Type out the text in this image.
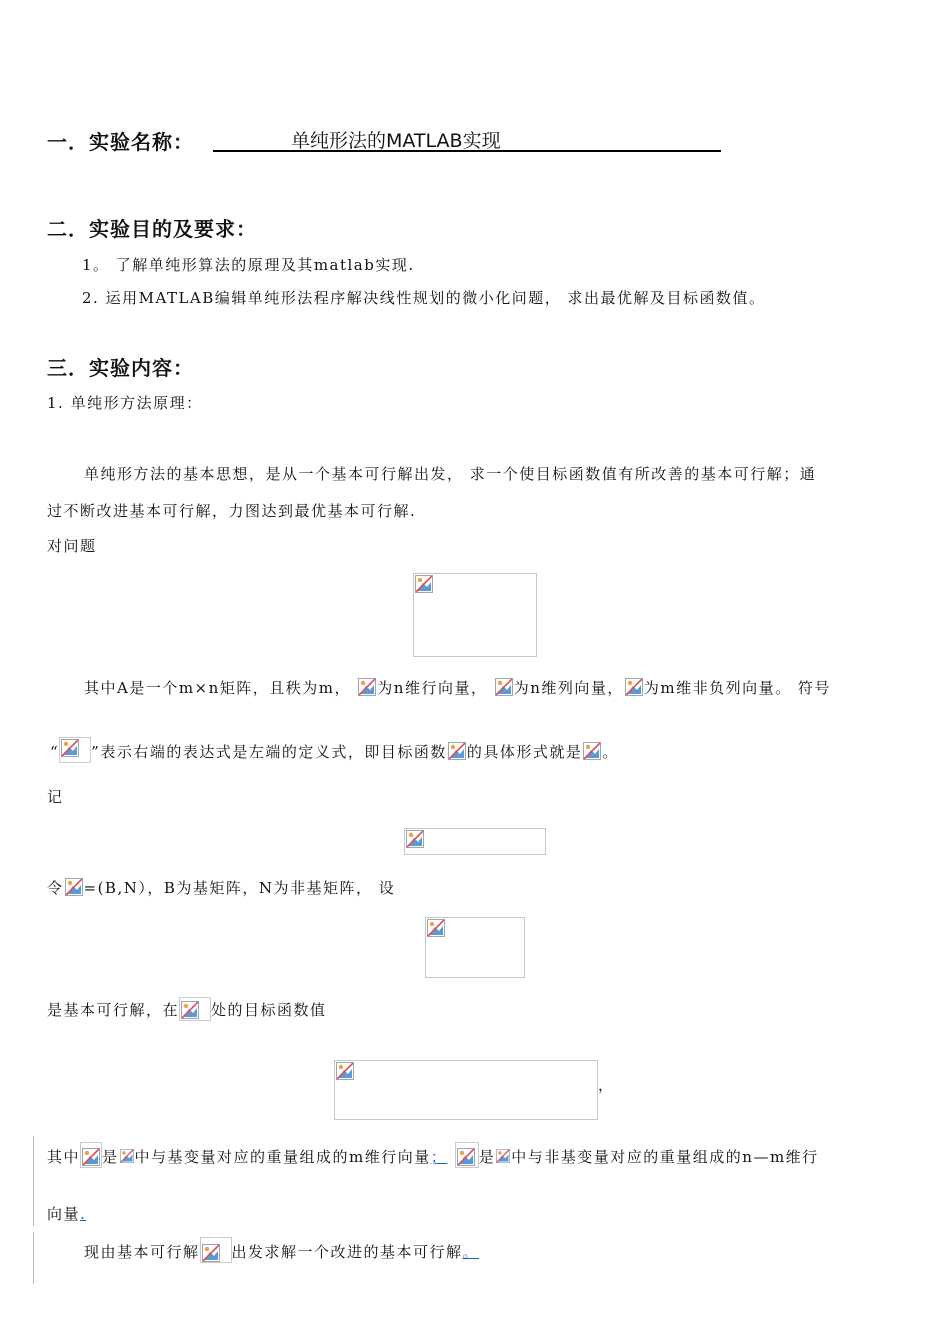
一．实验名称：	单纯形法的MATLAB实现
二．实验目的及要求：
1。 了解单纯形算法的原理及其matlab实现.
2. 运用MATLAB编辑单纯形法程序解决线性规划的微小化问题， 求出最优解及目标函数值。
三．实验内容：
1. 单纯形方法原理：
单纯形方法的基本思想，是从一个基本可行解出发， 求一个使目标函数值有所改善的基本可行解；通
过不断改进基本可行解，力图达到最优基本可行解.
对问题
其中A是一个m×n矩阵，且秩为m， 为n维行向量， 为n维列向量， 为m维非负列向量。 符号
“ ”表示右端的表达式是左端的定义式，即目标函数 的具体形式就是 。
记
令 =(B,N），B为基矩阵，N为非基矩阵， 设
是基本可行解，在 处的目标函数值
，
其中 是 中与基变量对应的重量组成的m维行向量； 是 中与非基变量对应的重量组成的n—m维行
向量.
现由基本可行解 出发求解一个改进的基本可行解。
